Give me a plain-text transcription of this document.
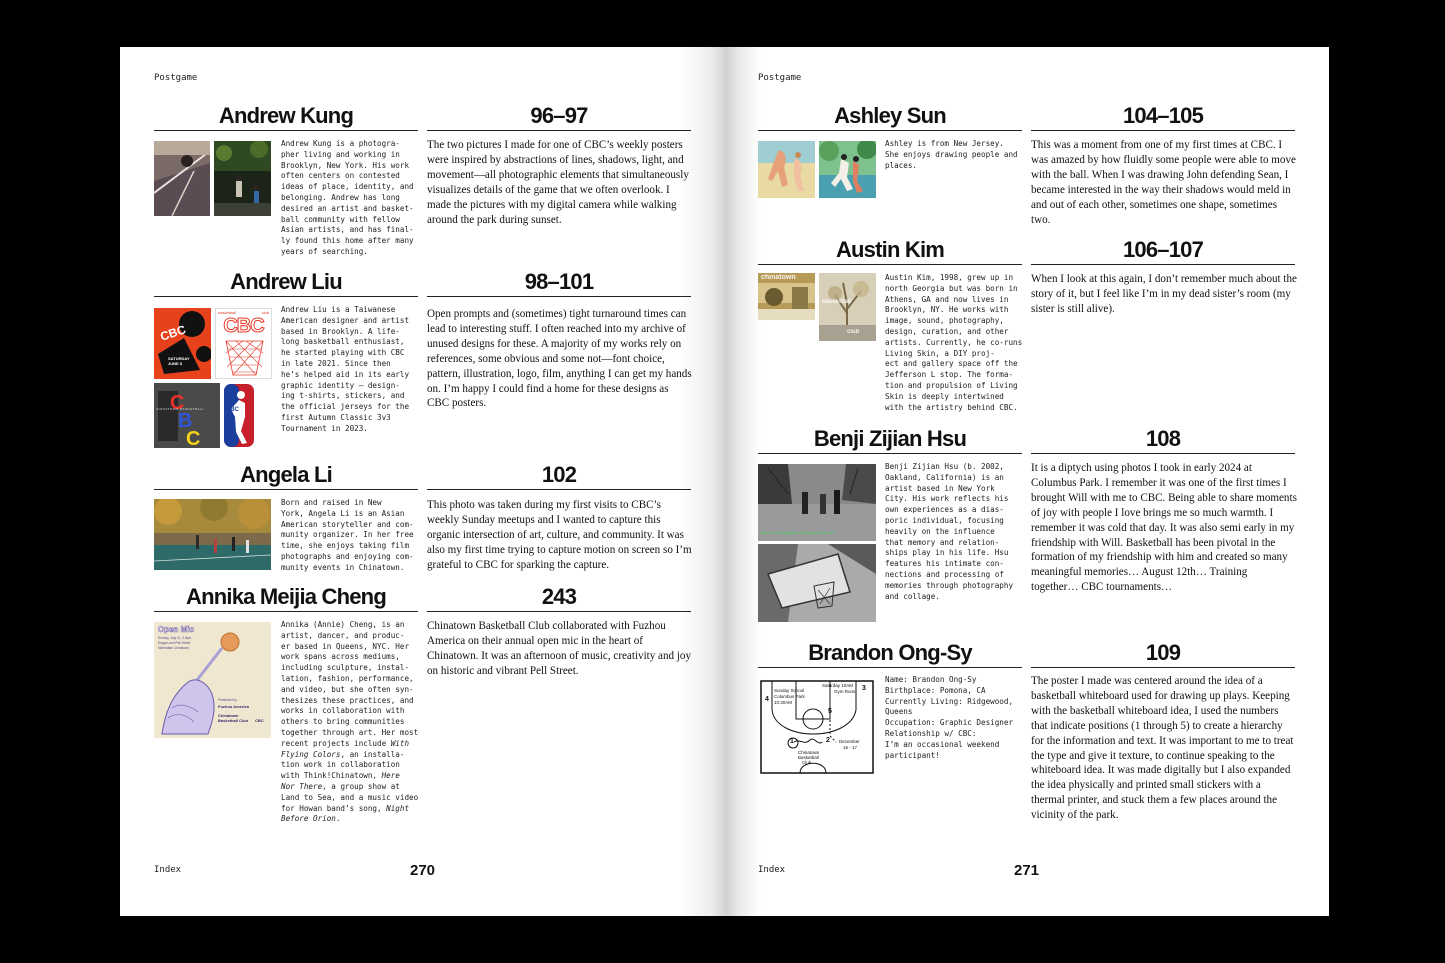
Postgame
Andrew Kung	96–97
Andrew Kung is a photogra-
pher living and working in
Brooklyn, New York. His work
often centers on contested
ideas of place, identity, and
belonging. Andrew has long
desired an artist and basket-
ball community with fellow
Asian artists, and has final-
ly found this home after many
years of searching.
The two pictures I made for one of CBC’s weekly posters were inspired by abstractions of lines, shadows, light, and movement—all photographic elements that simultaneously visualizes details of the game that we often overlook. I made the pictures with my digital camera while walking around the park during sunset.
Andrew Liu	98–101
CBC
SATURDAY JUNE 8
basketball	club
CBC
C
B
C
CHINATOWN BASKETBALL	CBC
Andrew Liu is a Taiwanese
American designer and artist
based in Brooklyn. A life-
long basketball enthusiast,
he started playing with CBC
in late 2021. Since then
he’s helped aid in its early
graphic identity — design-
ing t-shirts, stickers, and
the official jerseys for the
first Autumn Classic 3v3
Tournament in 2023.
Open prompts and (sometimes) tight turnaround times can lead to interesting stuff. I often reached into my archive of unused designs for these. A majority of my works rely on references, some obvious and some not—font choice, pattern, illustration, logo, film, anything I can get my hands on. I’m happy I could find a home for these designs as CBC posters.
Angela Li	102
Born and raised in New
York, Angela Li is an Asian
American storyteller and com-
munity organizer. In her free
time, she enjoys taking film
photographs and enjoying com-
munity events in Chinatown.
This photo was taken during my first visits to CBC’s weekly Sunday meetups and I wanted to capture this organic intersection of art, culture, and community. It was also my first time trying to capture motion on screen so I’m grateful to CBC for sparking the capture.
Annika Meijia Cheng	243
Open Mic
Sunday, July 21, 4-8pm
Dragon and Pell Street
Manhattan Chinatown
Presented by
Fuzhou America
Chinatown
Basketball Club CBC
Annika (Annie) Cheng, is an
artist, dancer, and produc-
er based in Queens, NYC. Her
work spans across mediums,
including sculpture, instal-
lation, fashion, performance,
and video, but she often syn-
thesizes these practices, and
works in collaboration with
others to bring communities
together through art. Her most
recent projects include With
Flying Colors, an installa-
tion work in collaboration
with Think!Chinatown, Here
Nor There, a group show at
Land to Sea, and a music video
for Howan band’s song, Night
Before Orion.
Chinatown Basketball Club collaborated with Fuzhou America on their annual open mic in the heart of Chinatown. It was an afternoon of music, creativity and joy on historic and vibrant Pell Street.
Index	270
Postgame
Ashley Sun	104–105
Ashley is from New Jersey.
She enjoys drawing people and
places.
This was a moment from one of my first times at CBC. I was amazed by how fluidly some people were able to move with the ball. When I was drawing John defending Sean, I became interested in the way their shadows would meld in and out of each other, sometimes one shape, sometimes two.
Austin Kim	106–107
chinatown
basketball
club
Austin Kim, 1998, grew up in
north Georgia but was born in
Athens, GA and now lives in
Brooklyn, NY. He works with
image, sound, photography,
design, curation, and other
artists. Currently, he co-runs
Living Skin, a DIY proj-
ect and gallery space off the
Jefferson L stop. The forma-
tion and propulsion of Living
Skin is deeply intertwined
with the artistry behind CBC.
When I look at this again, I don’t remember much about the story of it, but I feel like I’m in my dead sister’s room (my sister is still alive).
Benji Zijian Hsu	108
Meet me at Chinatown, At Columbus Park, NY
Benji Zijian Hsu (b. 2002,
Oakland, California) is an
artist based in New York
City. His work reflects his
own experiences as a dias-
poric individual, focusing
heavily on the influence
that memory and relation-
ships play in his life. Hsu
features his intimate con-
nections and processing of
memories through photography
and collage.
It is a diptych using photos I took in early 2024 at Columbus Park. I remember it was one of the first times I brought Will with me to CBC. Being able to share moments of joy with people I love brings me so much warmth. I remember it was cold that day. It was also semi early in my friendship with Will. Basketball has been pivotal in the formation of my friendship with him and created so many meaningful memories… August 12th… Training together… CBC tournaments…
Brandon Ong-Sy	109
Sunday School
Columbus Park
10:30AM
Saturday 10AM
Gym Runs
December
16 - 17
Chinatown
Basketball
Club
1	2
3
4
5
Name: Brandon Ong-Sy
Birthplace: Pomona, CA
Currently Living: Ridgewood,
Queens
Occupation: Graphic Designer
Relationship w/ CBC:
I’m an occasional weekend
participant!
The poster I made was centered around the idea of a basketball whiteboard used for drawing up plays. Keeping with the basketball whiteboard idea, I used the numbers that indicate positions (1 through 5) to create a hierarchy for the information and text. It was important to me to treat the type and give it texture, to continue speaking to the whiteboard idea. It was made digitally but I also expanded the idea physically and printed small stickers with a thermal printer, and stuck them a few places around the vicinity of the park.
Index	271
